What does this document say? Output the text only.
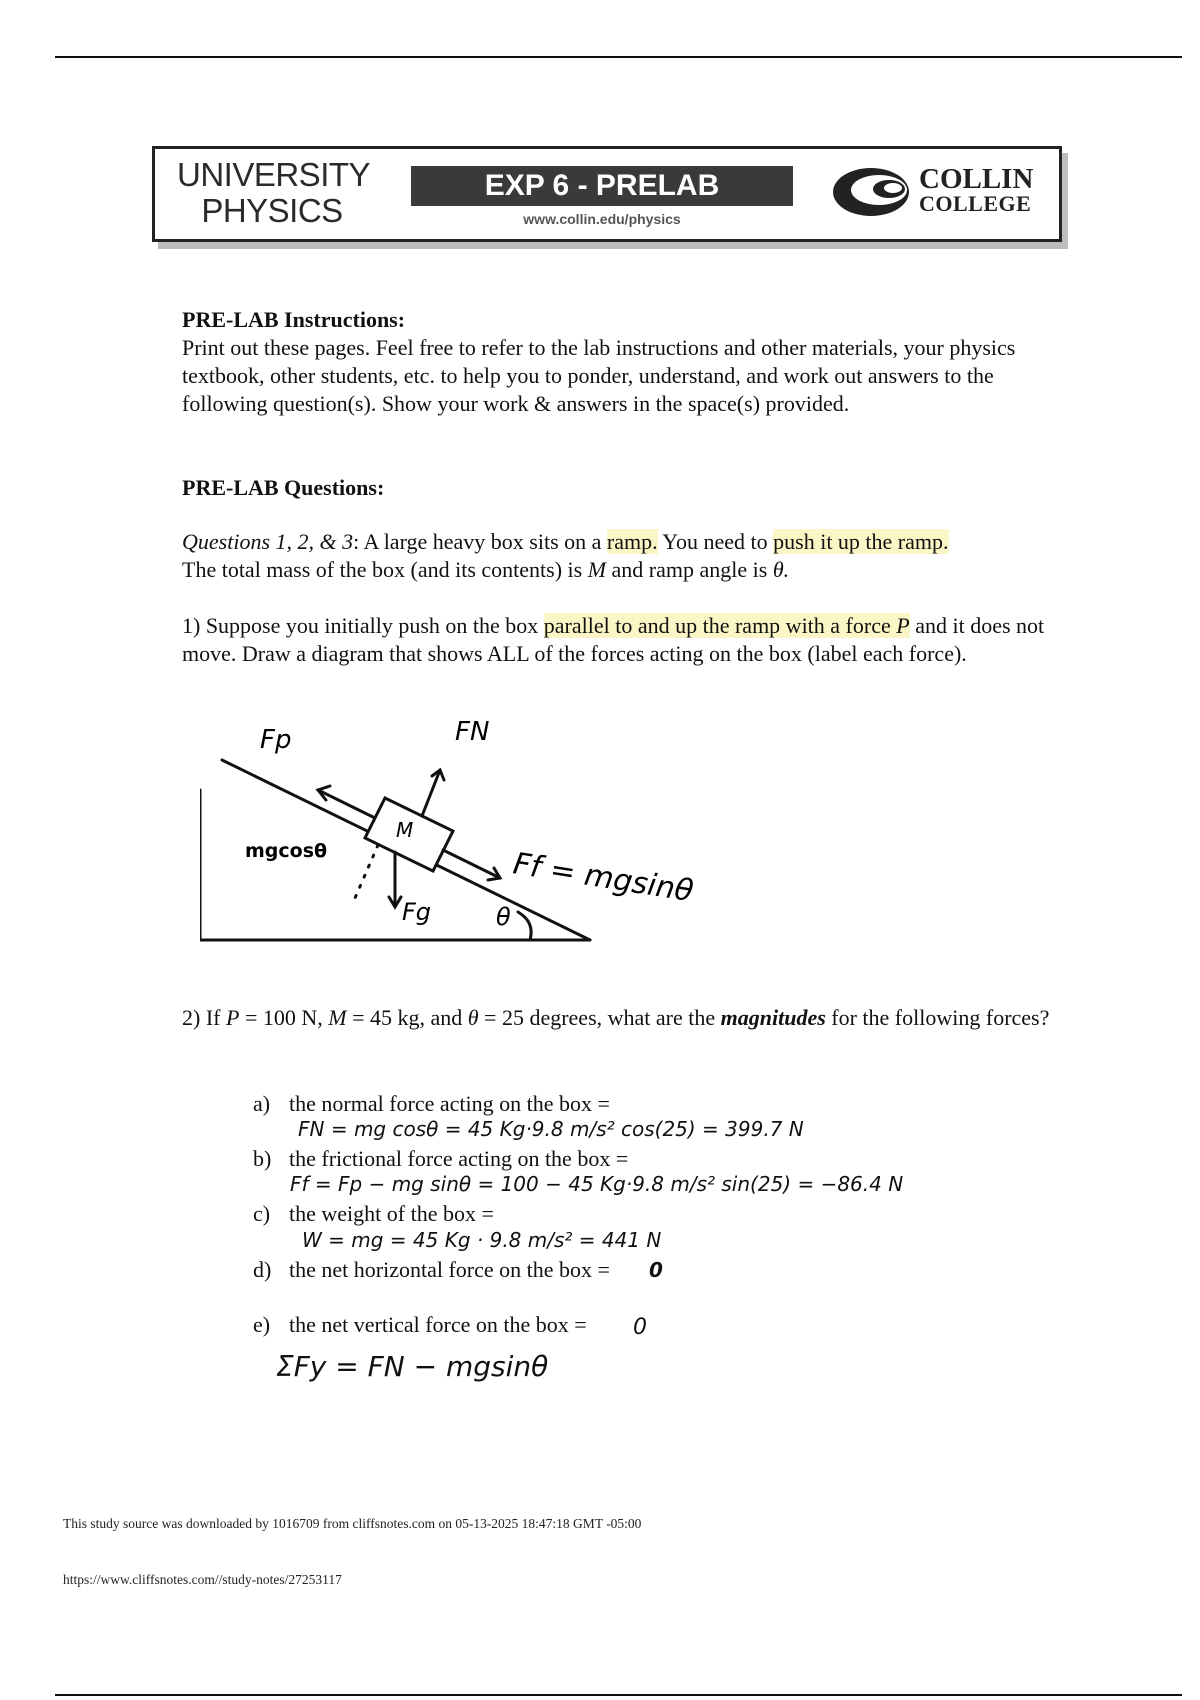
UNIVERSITY
PHYSICS
EXP 6 - PRELAB
www.collin.edu/physics
COLLIN
COLLEGE
PRE-LAB Instructions:
Print out these pages. Feel free to refer to the lab instructions and other materials, your physics textbook, other students, etc. to help you to ponder, understand, and work out answers to the following question(s). Show your work & answers in the space(s) provided.
PRE-LAB Questions:
Questions 1, 2, & 3: A large heavy box sits on a ramp. You need to push it up the ramp.
The total mass of the box (and its contents) is M and ramp angle is θ.
1) Suppose you initially push on the box parallel to and up the ramp with a force P and it does not move. Draw a diagram that shows ALL of the forces acting on the box (label each force).
Fp	FN
M
mgcosθ
Fg	θ
Ff = mgsinθ
2) If P = 100 N, M = 45 kg, and θ = 25 degrees, what are the magnitudes for the following forces?
a) the normal force acting on the box =
FN = mg cosθ = 45 Kg·9.8 m/s² cos(25) = 399.7 N
b) the frictional force acting on the box =
Ff = Fp − mg sinθ = 100 − 45 Kg·9.8 m/s² sin(25) = −86.4 N
c) the weight of the box =
W = mg = 45 Kg · 9.8 m/s² = 441 N
d) the net horizontal force on the box = 0
e) the net vertical force on the box = 0
ΣFy = FN − mgsinθ
This study source was downloaded by 1016709 from cliffsnotes.com on 05-13-2025 18:47:18 GMT -05:00
https://www.cliffsnotes.com//study-notes/27253117
